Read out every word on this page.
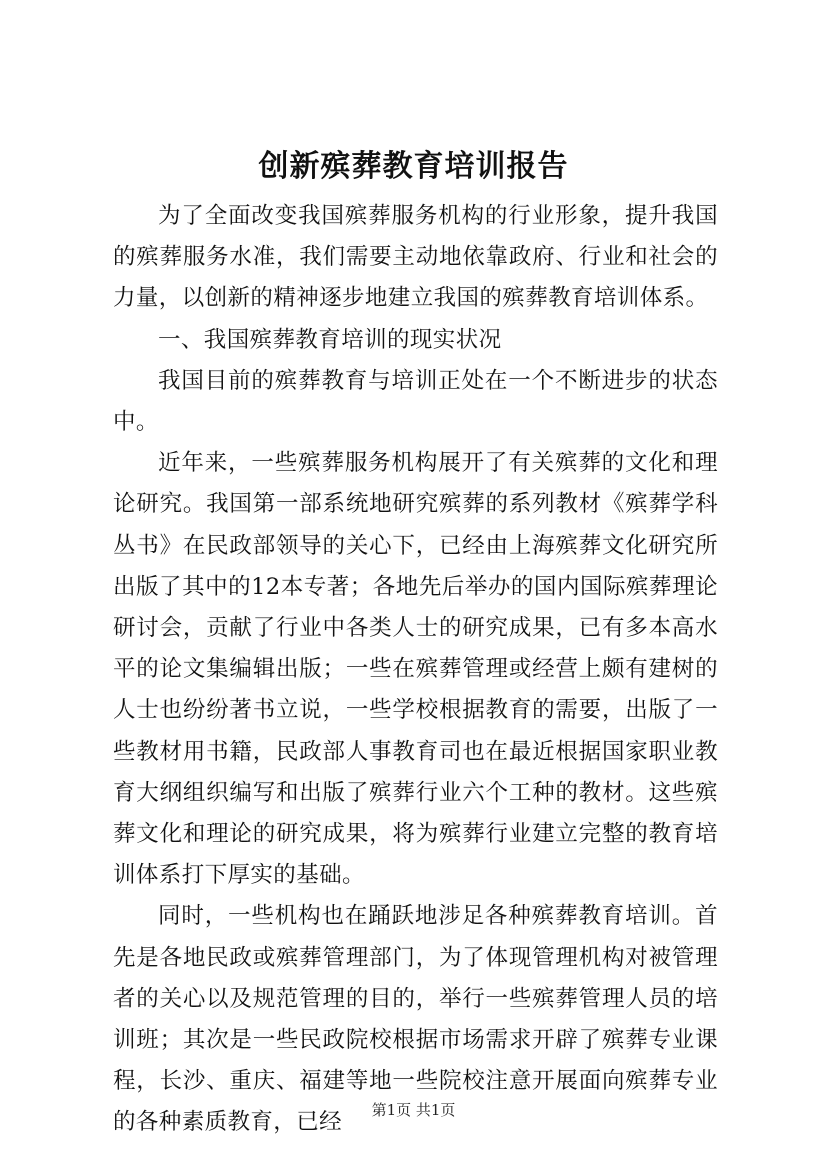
创新殡葬教育培训报告

为了全面改变我国殡葬服务机构的行业形象，提升我国的殡葬服务水准，我们需要主动地依靠政府、行业和社会的力量，以创新的精神逐步地建立我国的殡葬教育培训体系。

一、我国殡葬教育培训的现实状况

我国目前的殡葬教育与培训正处在一个不断进步的状态中。

近年来，一些殡葬服务机构展开了有关殡葬的文化和理论研究。我国第一部系统地研究殡葬的系列教材《殡葬学科丛书》在民政部领导的关心下，已经由上海殡葬文化研究所出版了其中的12本专著；各地先后举办的国内国际殡葬理论研讨会，贡献了行业中各类人士的研究成果，已有多本高水平的论文集编辑出版；一些在殡葬管理或经营上颇有建树的人士也纷纷著书立说，一些学校根据教育的需要，出版了一些教材用书籍，民政部人事教育司也在最近根据国家职业教育大纲组织编写和出版了殡葬行业六个工种的教材。这些殡葬文化和理论的研究成果，将为殡葬行业建立完整的教育培训体系打下厚实的基础。

同时，一些机构也在踊跃地涉足各种殡葬教育培训。首先是各地民政或殡葬管理部门，为了体现管理机构对被管理者的关心以及规范管理的目的，举行一些殡葬管理人员的培训班；其次是一些民政院校根据市场需求开辟了殡葬专业课程，长沙、重庆、福建等地一些院校注意开展面向殡葬专业的各种素质教育，已经	第1页 共1页
